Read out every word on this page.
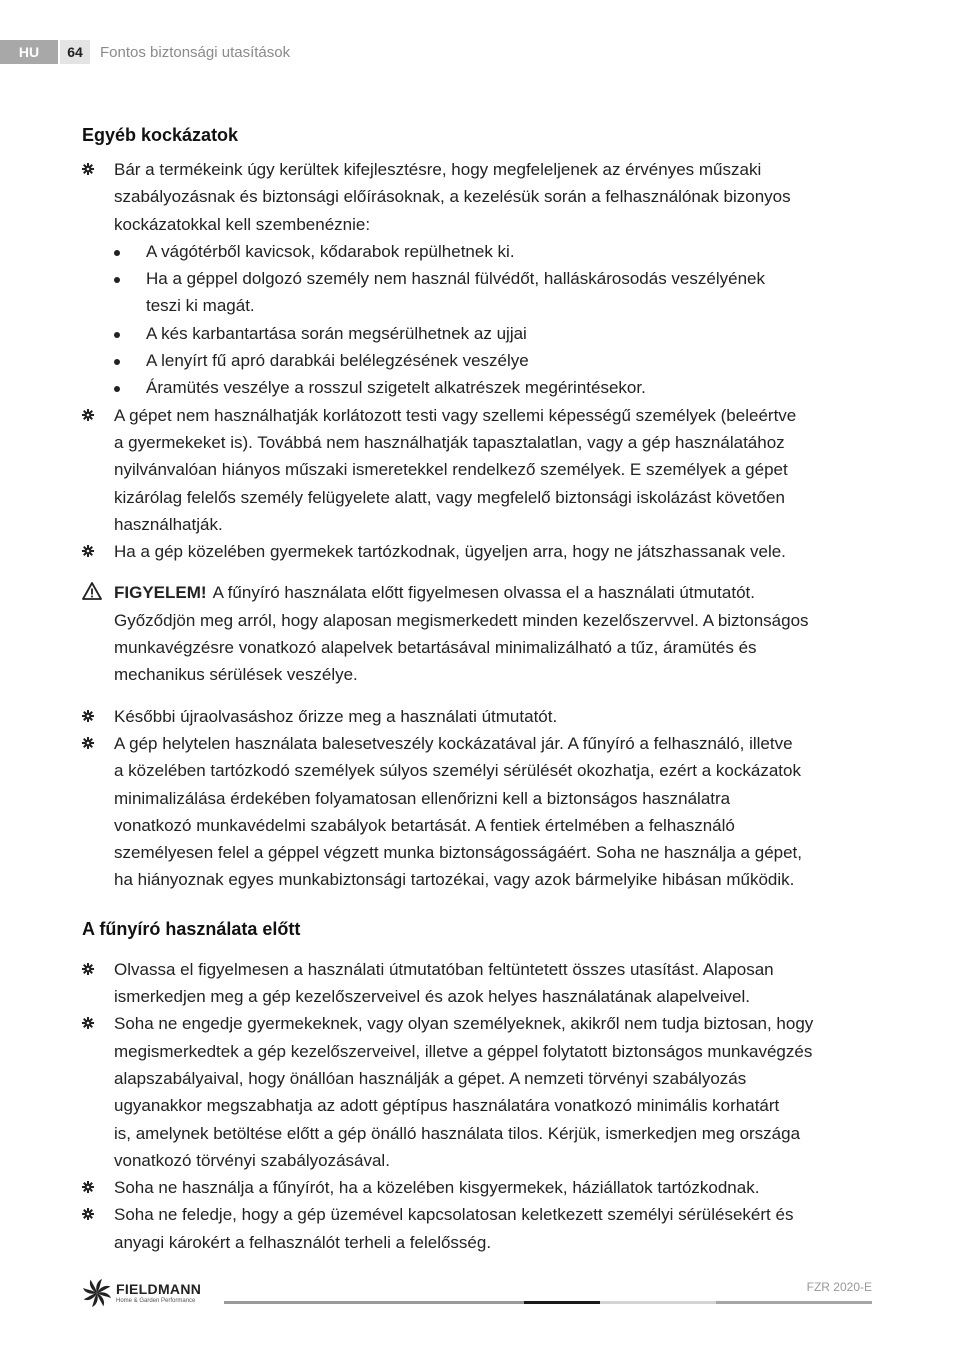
HU	64	Fontos biztonsági utasítások
Egyéb kockázatok
Bár a termékeink úgy kerültek kifejlesztésre, hogy megfeleljenek az érvényes műszaki
szabályozásnak és biztonsági előírásoknak, a kezelésük során a felhasználónak bizonyos
kockázatokkal kell szembenéznie:
A vágótérből kavicsok, kődarabok repülhetnek ki.
Ha a géppel dolgozó személy nem használ fülvédőt, halláskárosodás veszélyének
teszi ki magát.
A kés karbantartása során megsérülhetnek az ujjai
A lenyírt fű apró darabkái belélegzésének veszélye
Áramütés veszélye a rosszul szigetelt alkatrészek megérintésekor.
A gépet nem használhatják korlátozott testi vagy szellemi képességű személyek (beleértve
a gyermekeket is). Továbbá nem használhatják tapasztalatlan, vagy a gép használatához
nyilvánvalóan hiányos műszaki ismeretekkel rendelkező személyek. E személyek a gépet
kizárólag felelős személy felügyelete alatt, vagy megfelelő biztonsági iskolázást követően
használhatják.
Ha a gép közelében gyermekek tartózkodnak, ügyeljen arra, hogy ne játszhassanak vele.
FIGYELEM! A fűnyíró használata előtt figyelmesen olvassa el a használati útmutatót.
Győződjön meg arról, hogy alaposan megismerkedett minden kezelőszervvel. A biztonságos
munkavégzésre vonatkozó alapelvek betartásával minimalizálható a tűz, áramütés és
mechanikus sérülések veszélye.
Későbbi újraolvasáshoz őrizze meg a használati útmutatót.
A gép helytelen használata balesetveszély kockázatával jár. A fűnyíró a felhasználó, illetve
a közelében tartózkodó személyek súlyos személyi sérülését okozhatja, ezért a kockázatok
minimalizálása érdekében folyamatosan ellenőrizni kell a biztonságos használatra
vonatkozó munkavédelmi szabályok betartását. A fentiek értelmében a felhasználó
személyesen felel a géppel végzett munka biztonságosságáért. Soha ne használja a gépet,
ha hiányoznak egyes munkabiztonsági tartozékai, vagy azok bármelyike hibásan működik.
A fűnyíró használata előtt
Olvassa el figyelmesen a használati útmutatóban feltüntetett összes utasítást. Alaposan
ismerkedjen meg a gép kezelőszerveivel és azok helyes használatának alapelveivel.
Soha ne engedje gyermekeknek, vagy olyan személyeknek, akikről nem tudja biztosan, hogy
megismerkedtek a gép kezelőszerveivel, illetve a géppel folytatott biztonságos munkavégzés
alapszabályaival, hogy önállóan használják a gépet. A nemzeti törvényi szabályozás
ugyanakkor megszabhatja az adott géptípus használatára vonatkozó minimális korhatárt
is, amelynek betöltése előtt a gép önálló használata tilos. Kérjük, ismerkedjen meg országa
vonatkozó törvényi szabályozásával.
Soha ne használja a fűnyírót, ha a közelében kisgyermekek, háziállatok tartózkodnak.
Soha ne feledje, hogy a gép üzemével kapcsolatosan keletkezett személyi sérülésekért és
anyagi károkért a felhasználót terheli a felelősség.
FIELDMANN
Home & Garden Performance
FZR 2020-E
